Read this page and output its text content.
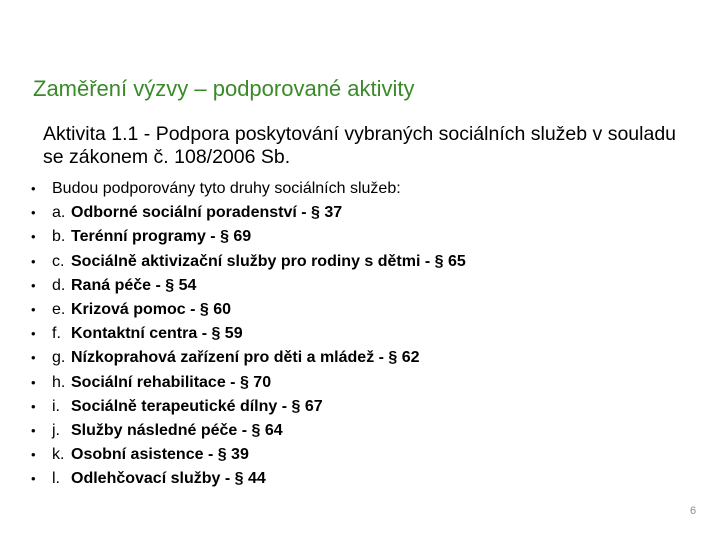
Zaměření výzvy – podporované aktivity
Aktivita 1.1 - Podpora poskytování vybraných sociálních služeb v souladu se zákonem č. 108/2006 Sb.
•	Budou podporovány tyto druhy sociálních služeb:
•	a. Odborné sociální poradenství - § 37
•	b. Terénní programy - § 69
•	c. Sociálně aktivizační služby pro rodiny s dětmi - § 65
•	d. Raná péče - § 54
•	e. Krizová pomoc - § 60
•	f. Kontaktní centra - § 59
•	g. Nízkoprahová zařízení pro děti a mládež - § 62
•	h. Sociální rehabilitace - § 70
•	i. Sociálně terapeutické dílny - § 67
•	j. Služby následné péče - § 64
•	k. Osobní asistence - § 39
•	l. Odlehčovací služby - § 44
6
